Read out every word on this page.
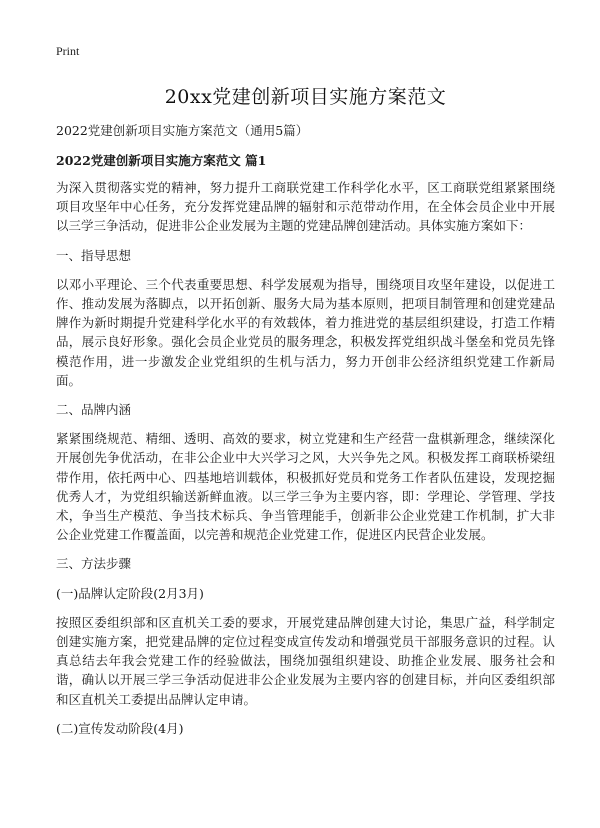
Print
20xx党建创新项目实施方案范文
2022党建创新项目实施方案范文（通用5篇）
2022党建创新项目实施方案范文 篇1

为深入贯彻落实党的精神，努力提升工商联党建工作科学化水平，区工商联党组紧紧围绕项目攻坚年中心任务，充分发挥党建品牌的辐射和示范带动作用，在全体会员企业中开展以三学三争活动，促进非公企业发展为主题的党建品牌创建活动。具体实施方案如下：

一、指导思想

以邓小平理论、三个代表重要思想、科学发展观为指导，围绕项目攻坚年建设，以促进工作、推动发展为落脚点，以开拓创新、服务大局为基本原则，把项目制管理和创建党建品牌作为新时期提升党建科学化水平的有效载体，着力推进党的基层组织建设，打造工作精品，展示良好形象。强化会员企业党员的服务理念，积极发挥党组织战斗堡垒和党员先锋模范作用，进一步激发企业党组织的生机与活力，努力开创非公经济组织党建工作新局面。

二、品牌内涵

紧紧围绕规范、精细、透明、高效的要求，树立党建和生产经营一盘棋新理念，继续深化开展创先争优活动，在非公企业中大兴学习之风，大兴争先之风。积极发挥工商联桥梁纽带作用，依托两中心、四基地培训载体，积极抓好党员和党务工作者队伍建设，发现挖掘优秀人才，为党组织输送新鲜血液。以三学三争为主要内容，即：学理论、学管理、学技术，争当生产模范、争当技术标兵、争当管理能手，创新非公企业党建工作机制，扩大非公企业党建工作覆盖面，以完善和规范企业党建工作，促进区内民营企业发展。

三、方法步骤
(一)品牌认定阶段(2月3月)

按照区委组织部和区直机关工委的要求，开展党建品牌创建大讨论，集思广益，科学制定创建实施方案，把党建品牌的定位过程变成宣传发动和增强党员干部服务意识的过程。认真总结去年我会党建工作的经验做法，围绕加强组织建设、助推企业发展、服务社会和谐，确认以开展三学三争活动促进非公企业发展为主要内容的创建目标，并向区委组织部和区直机关工委提出品牌认定申请。

(二)宣传发动阶段(4月)
